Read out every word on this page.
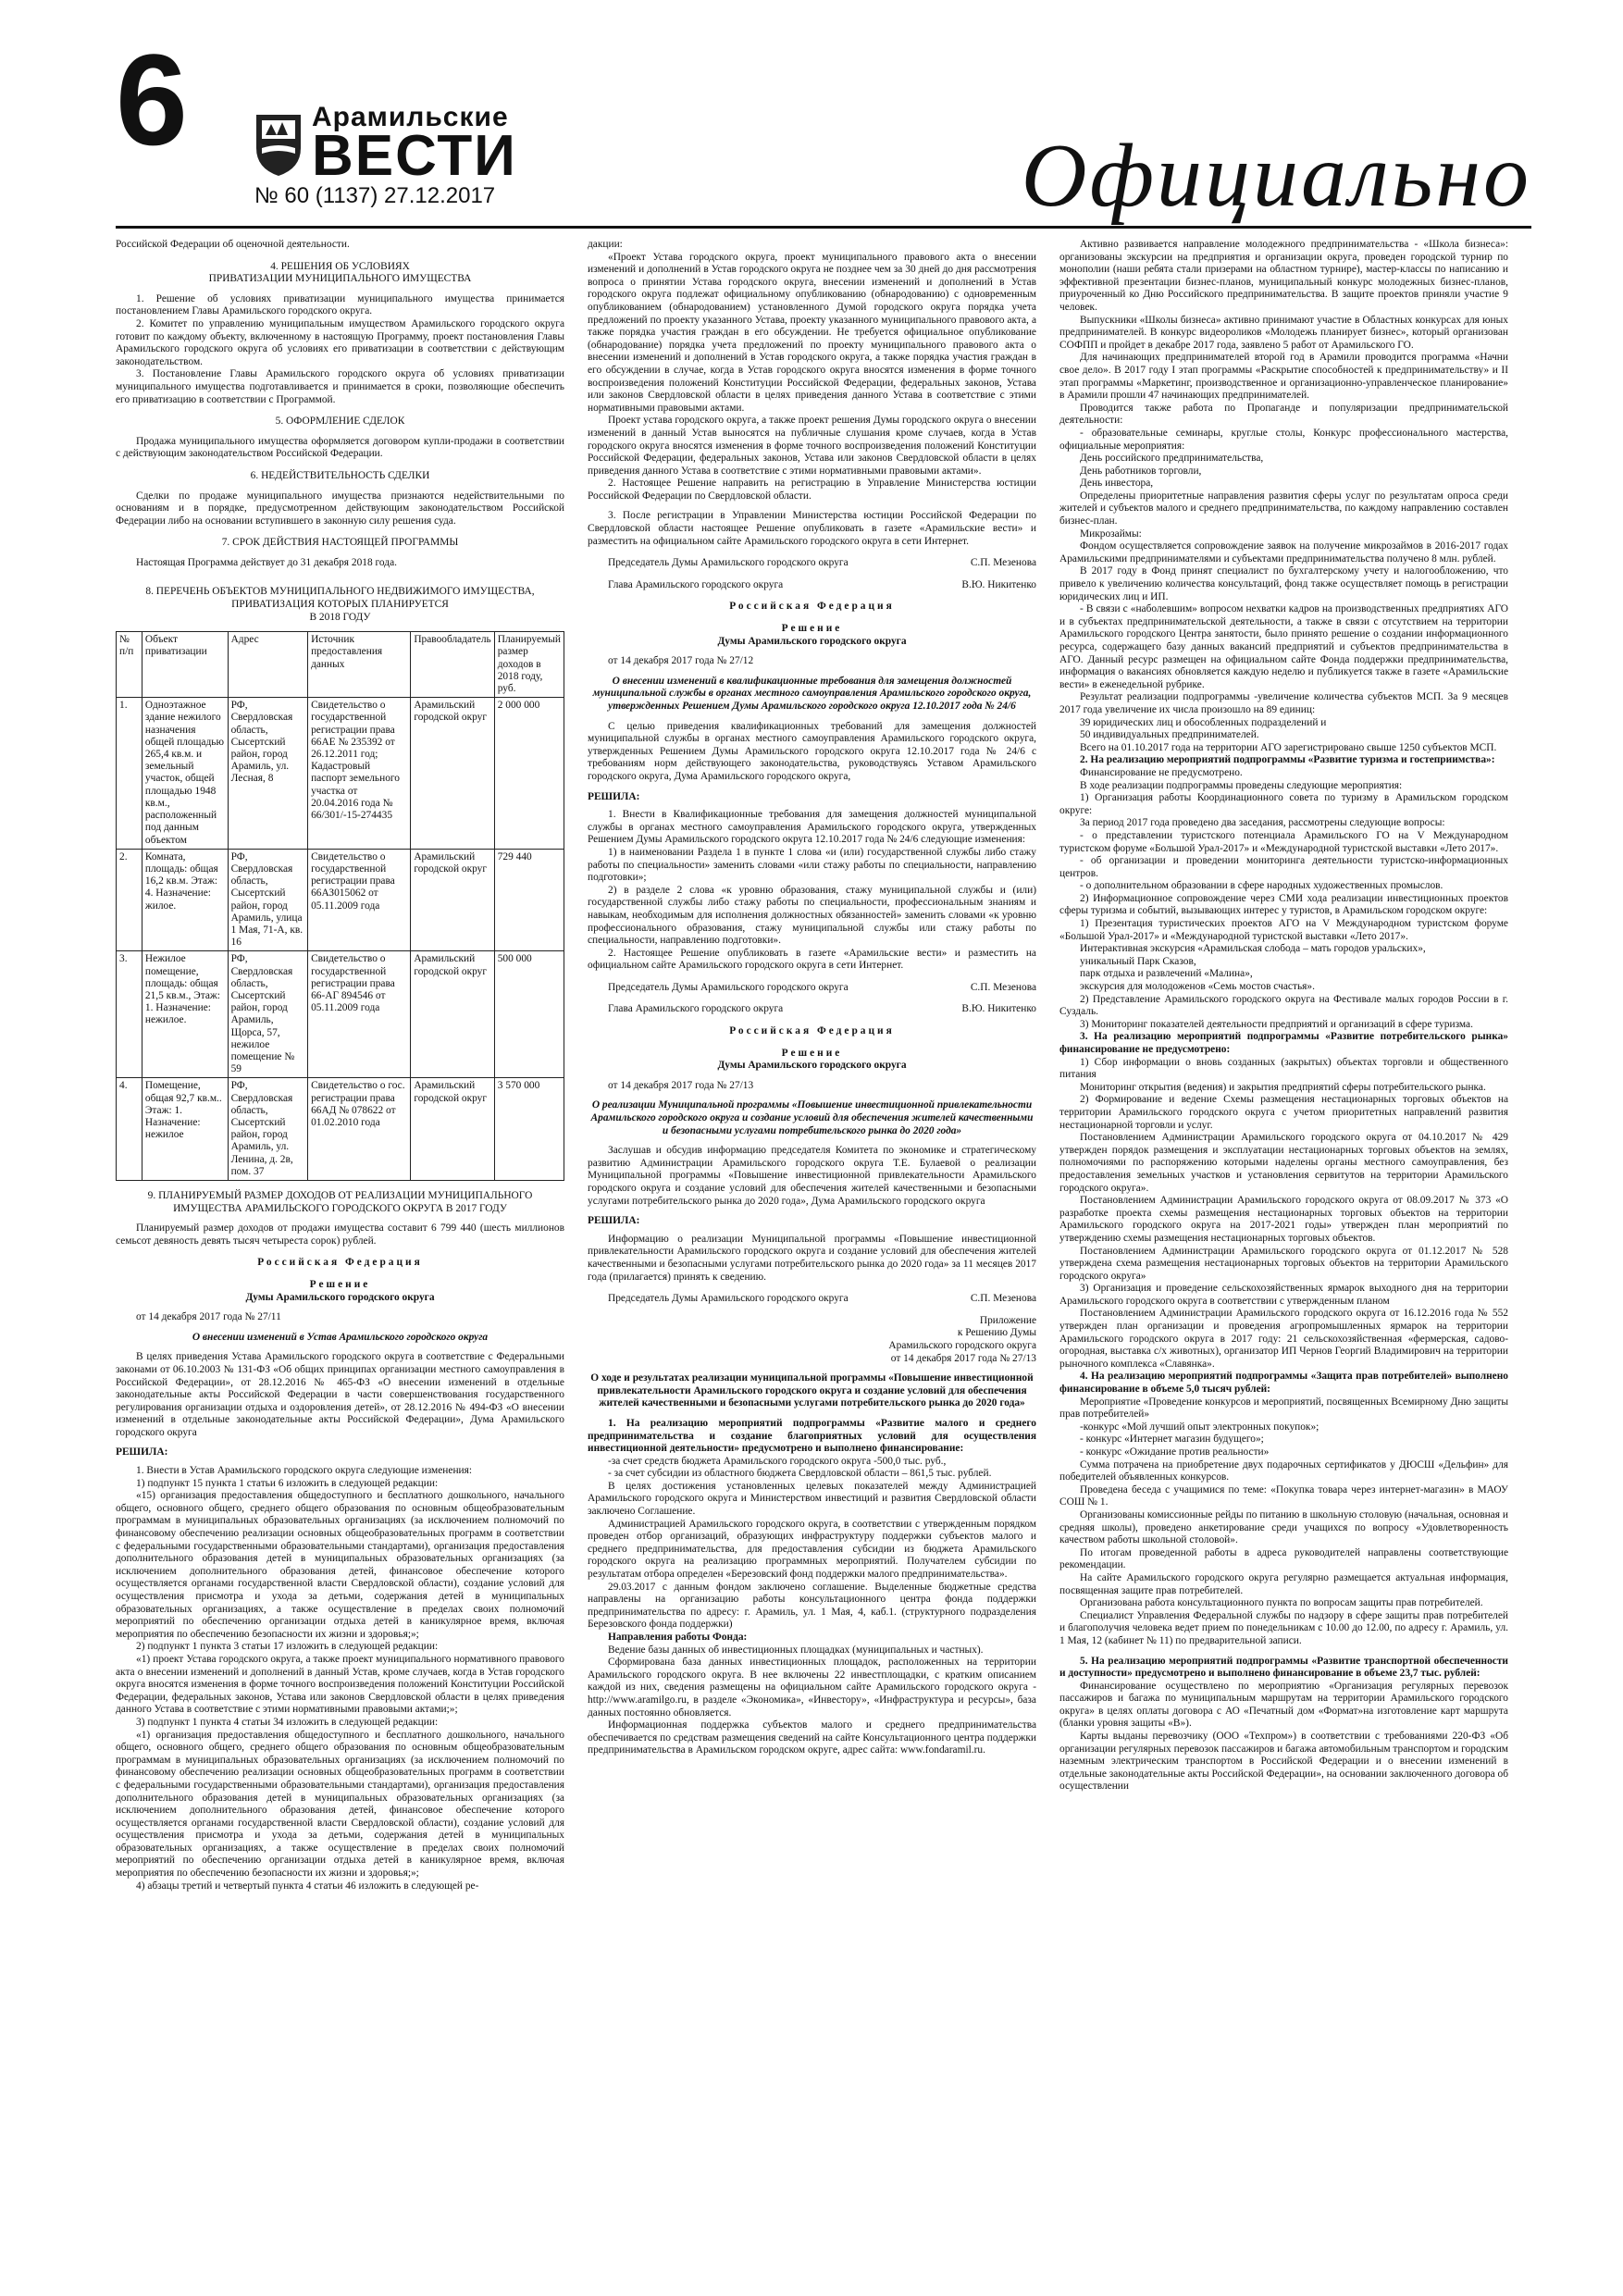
6	Арамильские
ВЕСТИ
№ 60 (1137) 27.12.2017	Официально

Российской Федерации об оценочной деятельности.

4. РЕШЕНИЯ ОБ УСЛОВИЯХ
ПРИВАТИЗАЦИИ МУНИЦИПАЛЬНОГО ИМУЩЕСТВА

1. Решение об условиях приватизации муниципального имущества принимается постановлением Главы Арамильского городского округа.

2. Комитет по управлению муниципальным имуществом Арамильского городского округа готовит по каждому объекту, включенному в настоящую Программу, проект постановления Главы Арамильского городского округа об условиях его приватизации в соответствии с действующим законодательством.

3. Постановление Главы Арамильского городского округа об условиях приватизации муниципального имущества подготавливается и принимается в сроки, позволяющие обеспечить его приватизацию в соответствии с Программой.

5. ОФОРМЛЕНИЕ СДЕЛОК

Продажа муниципального имущества оформляется договором купли-продажи в соответствии с действующим законодательством Российской Федерации.

6. НЕДЕЙСТВИТЕЛЬНОСТЬ СДЕЛКИ

Сделки по продаже муниципального имущества признаются недействительными по основаниям и в порядке, предусмотренном действующим законодательством Российской Федерации либо на основании вступившего в законную силу решения суда.

7. СРОК ДЕЙСТВИЯ НАСТОЯЩЕЙ ПРОГРАММЫ

Настоящая Программа действует до 31 декабря 2018 года.

8. ПЕРЕЧЕНЬ ОБЪЕКТОВ МУНИЦИПАЛЬНОГО НЕДВИЖИМОГО ИМУЩЕСТВА, ПРИВАТИЗАЦИЯ КОТОРЫХ ПЛАНИРУЕТСЯ
В 2018 ГОДУ

№ п/п	Объект приватизации	Адрес	Источник предоставления данных	Правообладатель	Планируемый размер доходов в 2018 году, руб.
1.	Одноэтажное здание нежилого назначения общей площадью 265,4 кв.м. и земельный участок, общей площадью 1948 кв.м., расположенный под данным объектом	РФ, Свердловская область, Сысертский район, город Арамиль, ул. Лесная, 8	Свидетельство о государственной регистрации права 66АЕ № 235392 от 26.12.2011 год; Кадастровый паспорт земельного участка от 20.04.2016 года № 66/301/-15-274435	Арамильский городской округ	2 000 000
2.	Комната, площадь: общая 16,2 кв.м. Этаж: 4. Назначение: жилое.	РФ, Свердловская область, Сысертский район, город Арамиль, улица 1 Мая, 71-А, кв. 16	Свидетельство о государственной регистрации права 66АЗ015062 от 05.11.2009 года	Арамильский городской округ	729 440
3.	Нежилое помещение, площадь: общая 21,5 кв.м., Этаж: 1. Назначение: нежилое.	РФ, Свердловская область, Сысертский район, город Арамиль, Щорса, 57, нежилое помещение № 59	Свидетельство о государственной регистрации права 66-АГ 894546 от 05.11.2009 года	Арамильский городской округ	500 000
4.	Помещение, общая 92,7 кв.м.. Этаж: 1. Назначение: нежилое	РФ, Свердловская область, Сысертский район, город Арамиль, ул. Ленина, д. 2в, пом. 37	Свидетельство о гос. регистрации права 66АД № 078622 от 01.02.2010 года	Арамильский городской округ	3 570 000

9. ПЛАНИРУЕМЫЙ РАЗМЕР ДОХОДОВ ОТ РЕАЛИЗАЦИИ МУНИЦИПАЛЬНОГО ИМУЩЕСТВА АРАМИЛЬСКОГО ГОРОДСКОГО ОКРУГА В 2017 ГОДУ

Планируемый размер доходов от продажи имущества составит 6 799 440 (шесть миллионов семьсот девяность девять тысяч четыреста сорок) рублей.

Российская Федерация

Решение

Думы Арамильского городского округа

от 14 декабря 2017 года № 27/11

О внесении изменений в Устав Арамильского городского округа

В целях приведения Устава Арамильского городского округа в соответствие с Федеральными законами от 06.10.2003 № 131-ФЗ «Об общих принципах организации местного самоуправления в Российской Федерации», от 28.12.2016 № 465-ФЗ «О внесении изменений в отдельные законодательные акты Российской Федерации в части совершенствования государственного регулирования организации отдыха и оздоровления детей», от 28.12.2016 № 494-ФЗ «О внесении изменений в отдельные законодательные акты Российской Федерации», Дума Арамильского городского округа

РЕШИЛА:

1. Внести в Устав Арамильского городского округа следующие изменения:

1) подпункт 15 пункта 1 статьи 6 изложить в следующей редакции:

«15) организация предоставления общедоступного и бесплатного дошкольного, начального общего, основного общего, среднего общего образования по основным общеобразовательным программам в муниципальных образовательных организациях (за исключением полномочий по финансовому обеспечению реализации основных общеобразовательных программ в соответствии с федеральными государственными образовательными стандартами), организация предоставления дополнительного образования детей в муниципальных образовательных организациях (за исключением дополнительного образования детей, финансовое обеспечение которого осуществляется органами государственной власти Свердловской области), создание условий для осуществления присмотра и ухода за детьми, содержания детей в муниципальных образовательных организациях, а также осуществление в пределах своих полномочий мероприятий по обеспечению организации отдыха детей в каникулярное время, включая мероприятия по обеспечению безопасности их жизни и здоровья;»;

2) подпункт 1 пункта 3 статьи 17 изложить в следующей редакции:

«1) проект Устава городского округа, а также проект муниципального нормативного правового акта о внесении изменений и дополнений в данный Устав, кроме случаев, когда в Устав городского округа вносятся изменения в форме точного воспроизведения положений Конституции Российской Федерации, федеральных законов, Устава или законов Свердловской области в целях приведения данного Устава в соответствие с этими нормативными правовыми актами;»;

3) подпункт 1 пункта 4 статьи 34 изложить в следующей редакции:

«1) организация предоставления общедоступного и бесплатного дошкольного, начального общего, основного общего, среднего общего образования по основным общеобразовательным программам в муниципальных образовательных организациях (за исключением полномочий по финансовому обеспечению реализации основных общеобразовательных программ в соответствии с федеральными государственными образовательными стандартами), организация предоставления дополнительного образования детей в муниципальных образовательных организациях (за исключением дополнительного образования детей, финансовое обеспечение которого осуществляется органами государственной власти Свердловской области), создание условий для осуществления присмотра и ухода за детьми, содержания детей в муниципальных образовательных организациях, а также осуществление в пределах своих полномочий мероприятий по обеспечению организации отдыха детей в каникулярное время, включая мероприятия по обеспечению безопасности их жизни и здоровья;»;

4) абзацы третий и четвертый пункта 4 статьи 46 изложить в следующей ре-

дакции:

«Проект Устава городского округа, проект муниципального правового акта о внесении изменений и дополнений в Устав городского округа не позднее чем за 30 дней до дня рассмотрения вопроса о принятии Устава городского округа, внесении изменений и дополнений в Устав городского округа подлежат официальному опубликованию (обнародованию) с одновременным опубликованием (обнародованием) установленного Думой городского округа порядка учета предложений по проекту указанного Устава, проекту указанного муниципального правового акта, а также порядка участия граждан в его обсуждении. Не требуется официальное опубликование (обнародование) порядка учета предложений по проекту муниципального правового акта о внесении изменений и дополнений в Устав городского округа, а также порядка участия граждан в его обсуждении в случае, когда в Устав городского округа вносятся изменения в форме точного воспроизведения положений Конституции Российской Федерации, федеральных законов, Устава или законов Свердловской области в целях приведения данного Устава в соответствие с этими нормативными правовыми актами.

Проект устава городского округа, а также проект решения Думы городского округа о внесении изменений в данный Устав выносятся на публичные слушания кроме случаев, когда в Устав городского округа вносятся изменения в форме точного воспроизведения положений Конституции Российской Федерации, федеральных законов, Устава или законов Свердловской области в целях приведения данного Устава в соответствие с этими нормативными правовыми актами».

2. Настоящее Решение направить на регистрацию в Управление Министерства юстиции Российской Федерации по Свердловской области.

3. После регистрации в Управлении Министерства юстиции Российской Федерации по Свердловской области настоящее Решение опубликовать в газете «Арамильские вести» и разместить на официальном сайте Арамильского городского округа в сети Интернет.

Председатель Думы Арамильского городского округа	С.П. Мезенова
Глава Арамильского городского округа	В.Ю. Никитенко

Российская Федерация

Решение

Думы Арамильского городского округа

от 14 декабря 2017 года № 27/12

О внесении изменений в квалификационные требования для замещения должностей муниципальной службы в органах местного самоуправления Арамильского городского округа, утвержденных Решением Думы Арамильского городского округа 12.10.2017 года № 24/6

С целью приведения квалификационных требований для замещения должностей муниципальной службы в органах местного самоуправления Арамильского городского округа, утвержденных Решением Думы Арамильского городского округа 12.10.2017 года № 24/6 с требованиям норм действующего законодательства, руководствуясь Уставом Арамильского городского округа, Дума Арамильского городского округа,

РЕШИЛА:

1. Внести в Квалификационные требования для замещения должностей муниципальной службы в органах местного самоуправления Арамильского городского округа, утвержденных Решением Думы Арамильского городского округа 12.10.2017 года № 24/6 следующие изменения:

1) в наименовании Раздела 1 в пункте 1 слова «и (или) государственной службы либо стажу работы по специальности» заменить словами «или стажу работы по специальности, направлению подготовки»;

2) в разделе 2 слова «к уровню образования, стажу муниципальной службы и (или) государственной службы либо стажу работы по специальности, профессиональным знаниям и навыкам, необходимым для исполнения должностных обязанностей» заменить словами «к уровню профессионального образования, стажу муниципальной службы или стажу работы по специальности, направлению подготовки».

2. Настоящее Решение опубликовать в газете «Арамильские вести» и разместить на официальном сайте Арамильского городского округа в сети Интернет.

Председатель Думы Арамильского городского округа	С.П. Мезенова
Глава Арамильского городского округа	В.Ю. Никитенко

Российская Федерация

Решение

Думы Арамильского городского округа

от 14 декабря 2017 года № 27/13

О реализации Муниципальной программы «Повышение инвестиционной привлекательности Арамильского городского округа и создание условий для обеспечения жителей качественными и безопасными услугами потребительского рынка до 2020 года»

Заслушав и обсудив информацию председателя Комитета по экономике и стратегическому развитию Администрации Арамильского городского округа Т.Е. Булаевой о реализации Муниципальной программы «Повышение инвестиционной привлекательности Арамильского городского округа и создание условий для обеспечения жителей качественными и безопасными услугами потребительского рынка до 2020 года», Дума Арамильского городского округа

РЕШИЛА:

Информацию о реализации Муниципальной программы «Повышение инвестиционной привлекательности Арамильского городского округа и создание условий для обеспечения жителей качественными и безопасными услугами потребительского рынка до 2020 года» за 11 месяцев 2017 года (прилагается) принять к сведению.

Председатель Думы Арамильского городского округа	С.П. Мезенова

Приложение

к Решению Думы

Арамильского городского округа

от 14 декабря 2017 года № 27/13

О ходе и результатах реализации муниципальной программы «Повышение инвестиционной привлекательности Арамильского городского округа и создание условий для обеспечения жителей качественными и безопасными услугами потребительского рынка до 2020 года»

1. На реализацию мероприятий подпрограммы «Развитие малого и среднего предпринимательства и создание благоприятных условий для осуществления инвестиционной деятельности» предусмотрено и выполнено финансирование:

-за счет средств бюджета Арамильского городского округа -500,0 тыс. руб.,

- за счет субсидии из областного бюджета Свердловской области – 861,5 тыс. рублей.

В целях достижения установленных целевых показателей между Администрацией Арамильского городского округа и Министерством инвестиций и развития Свердловской области заключено Соглашение.

Администрацией Арамильского городского округа, в соответствии с утвержденным порядком проведен отбор организаций, образующих инфраструктуру поддержки субъектов малого и среднего предпринимательства, для предоставления субсидии из бюджета Арамильского городского округа на реализацию программных мероприятий. Получателем субсидии по результатам отбора определен «Березовский фонд поддержки малого предпринимательства».

29.03.2017 с данным фондом заключено соглашение. Выделенные бюджетные средства направлены на организацию работы консультационного центра фонда поддержки предпринимательства по адресу: г. Арамиль, ул. 1 Мая, 4, каб.1. (структурного подразделения Березовского фонда поддержки)

Направления работы Фонда:

Ведение базы данных об инвестиционных площадках (муниципальных и частных).

Сформирована база данных инвестиционных площадок, расположенных на территории Арамильского городского округа. В нее включены 22 инвестплощадки, с кратким описанием каждой из них, сведения размещены на официальном сайте Арамильского городского округа - http://www.aramilgo.ru, в разделе «Экономика», «Инвестору», «Инфраструктура и ресурсы», база данных постоянно обновляется.

Информационная поддержка субъектов малого и среднего предпринимательства обеспечивается по средствам размещения сведений на сайте Консультационного центра поддержки предпринимательства в Арамильском городском округе, адрес сайта: www.fondaramil.ru.

Активно развивается направление молодежного предпринимательства - «Школа бизнеса»: организованы экскурсии на предприятия и организации округа, проведен городской турнир по монополии (наши ребята стали призерами на областном турнире), мастер-классы по написанию и эффективной презентации бизнес-планов, муниципальный конкурс молодежных бизнес-планов, приуроченный ко Дню Российского предпринимательства. В защите проектов приняли участие 9 человек.

Выпускники «Школы бизнеса» активно принимают участие в Областных конкурсах для юных предпринимателей. В конкурс видеороликов «Молодежь планирует бизнес», который организован СОФПП и пройдет в декабре 2017 года, заявлено 5 работ от Арамильского ГО.

Для начинающих предпринимателей второй год в Арамили проводится программа «Начни свое дело». В 2017 году I этап программы «Раскрытие способностей к предпринимательству» и II этап программы «Маркетинг, производственное и организационно-управленческое планирование» в Арамили прошли 47 начинающих предпринимателей.

Проводится также работа по Пропаганде и популяризации предпринимательской деятельности:

- образовательные семинары, круглые столы, Конкурс профессионального мастерства, официальные мероприятия:

День российского предпринимательства,

День работников торговли,

День инвестора,

Определены приоритетные направления развития сферы услуг по результатам опроса среди жителей и субъектов малого и среднего предпринимательства, по каждому направлению составлен бизнес-план.

Микрозаймы:

Фондом осуществляется сопровождение заявок на получение микрозаймов в 2016-2017 годах Арамильскими предпринимателями и субъектами предпринимательства получено 8 млн. рублей.

В 2017 году в Фонд принят специалист по бухгалтерскому учету и налогообложению, что привело к увеличению количества консультаций, фонд также осуществляет помощь в регистрации юридических лиц и ИП.

- В связи с «наболевшим» вопросом нехватки кадров на производственных предприятиях АГО и в субъектах предпринимательской деятельности, а также в связи с отсутствием на территории Арамильского городского Центра занятости, было принято решение о создании информационного ресурса, содержащего базу данных вакансий предприятий и субъектов предпринимательства в АГО. Данный ресурс размещен на официальном сайте Фонда поддержки предпринимательства, информация о вакансиях обновляется каждую неделю и публикуется также в газете «Арамильские вести» в еженедельной рубрике.

Результат реализации подпрограммы -увеличение количества субъектов МСП. За 9 месяцев 2017 года увеличение их числа произошло на 89 единиц:

39 юридических лиц и обособленных подразделений и

50 индивидуальных предпринимателей.

Всего на 01.10.2017 года на территории АГО зарегистрировано свыше 1250 субъектов МСП.

2. На реализацию мероприятий подпрограммы «Развитие туризма и гостеприимства»:

Финансирование не предусмотрено.

В ходе реализации подпрограммы проведены следующие мероприятия:

1) Организация работы Координационного совета по туризму в Арамильском городском округе:

За период 2017 года проведено два заседания, рассмотрены следующие вопросы:

- о представлении туристского потенциала Арамильского ГО на V Международном туристском форуме «Большой Урал-2017» и «Международной туристской выставки «Лето 2017».

- об организации и проведении мониторинга деятельности туристско-информационных центров.

- о дополнительном образовании в сфере народных художественных промыслов.

2) Информационное сопровождение через СМИ хода реализации инвестиционных проектов сферы туризма и событий, вызывающих интерес у туристов, в Арамильском городском округе:

1) Презентация туристических проектов АГО на V Международном туристском форуме «Большой Урал-2017» и «Международной туристской выставки «Лето 2017».

Интерактивная экскурсия «Арамильская слобода – мать городов уральских»,

уникальный Парк Сказов,

парк отдыха и развлечений «Малина»,

экскурсия для молодоженов «Семь мостов счастья».

2) Представление Арамильского городского округа на Фестивале малых городов России в г. Суздаль.

3) Мониторинг показателей деятельности предприятий и организаций в сфере туризма.

3. На реализацию мероприятий подпрограммы «Развитие потребительского рынка» финансирование не предусмотрено:

1) Сбор информации о вновь созданных (закрытых) объектах торговли и общественного питания

Мониторинг открытия (ведения) и закрытия предприятий сферы потребительского рынка.

2) Формирование и ведение Схемы размещения нестационарных торговых объектов на территории Арамильского городского округа с учетом приоритетных направлений развития нестационарной торговли и услуг.

Постановлением Администрации Арамильского городского округа от 04.10.2017 № 429 утвержден порядок размещения и эксплуатации нестационарных торговых объектов на землях, полномочиями по распоряжению которыми наделены органы местного самоуправления, без предоставления земельных участков и установления сервитутов на территории Арамильского городского округа».

Постановлением Администрации Арамильского городского округа от 08.09.2017 № 373 «О разработке проекта схемы размещения нестационарных торговых объектов на территории Арамильского городского округа на 2017-2021 годы» утвержден план мероприятий по утверждению схемы размещения нестационарных торговых объектов.

Постановлением Администрации Арамильского городского округа от 01.12.2017 № 528 утверждена схема размещения нестационарных торговых объектов на территории Арамильского городского округа»

3) Организация и проведение сельскохозяйственных ярмарок выходного дня на территории Арамильского городского округа в соответствии с утвержденным планом

Постановлением Администрации Арамильского городского округа от 16.12.2016 года № 552 утвержден план организации и проведения агропромышленных ярмарок на территории Арамильского городского округа в 2017 году: 21 сельскохозяйственная «фермерская, садово-огородная, выставка с/х животных), организатор ИП Чернов Георгий Владимирович на территории рыночного комплекса «Славянка».

4. На реализацию мероприятий подпрограммы «Защита прав потребителей» выполнено финансирование в объеме 5,0 тысяч рублей:

Мероприятие «Проведение конкурсов и мероприятий, посвященных Всемирному Дню защиты прав потребителей»

-конкурс «Мой лучший опыт электронных покупок»;

- конкурс «Интернет магазин будущего»;

- конкурс «Ожидание против реальности»

Сумма потрачена на приобретение двух подарочных сертификатов у ДЮСШ «Дельфин» для победителей объявленных конкурсов.

Проведена беседа с учащимися по теме: «Покупка товара через интернет-магазин» в МАОУ СОШ № 1.

Организованы комиссионные рейды по питанию в школьную столовую (начальная, основная и средняя школы), проведено анкетирование среди учащихся по вопросу «Удовлетворенность качеством работы школьной столовой».

По итогам проведенной работы в адреса руководителей направлены соответствующие рекомендации.

На сайте Арамильского городского округа регулярно размещается актуальная информация, посвященная защите прав потребителей.

Организована работа консультационного пункта по вопросам защиты прав потребителей.

Специалист Управления Федеральной службы по надзору в сфере защиты прав потребителей и благополучия человека ведет прием по понедельникам с 10.00 до 12.00, по адресу г. Арамиль, ул. 1 Мая, 12 (кабинет № 11) по предварительной записи.

5. На реализацию мероприятий подпрограммы «Развитие транспортной обеспеченности и доступности» предусмотрено и выполнено финансирование в объеме 23,7 тыс. рублей:

Финансирование осуществлено по мероприятию «Организация регулярных перевозок пассажиров и багажа по муниципальным маршрутам на территории Арамильского городского округа» в целях оплаты договора с АО «Печатный дом «Формат»на изготовление карт маршрута (бланки уровня защиты «В»).

Карты выданы перевозчику (ООО «Техпром») в соответствии с требованиями 220-ФЗ «Об организации регулярных перевозок пассажиров и багажа автомобильным транспортом и городским наземным электрическим транспортом в Российской Федерации и о внесении изменений в отдельные законодательные акты Российской Федерации», на основании заключенного договора об осуществлении
